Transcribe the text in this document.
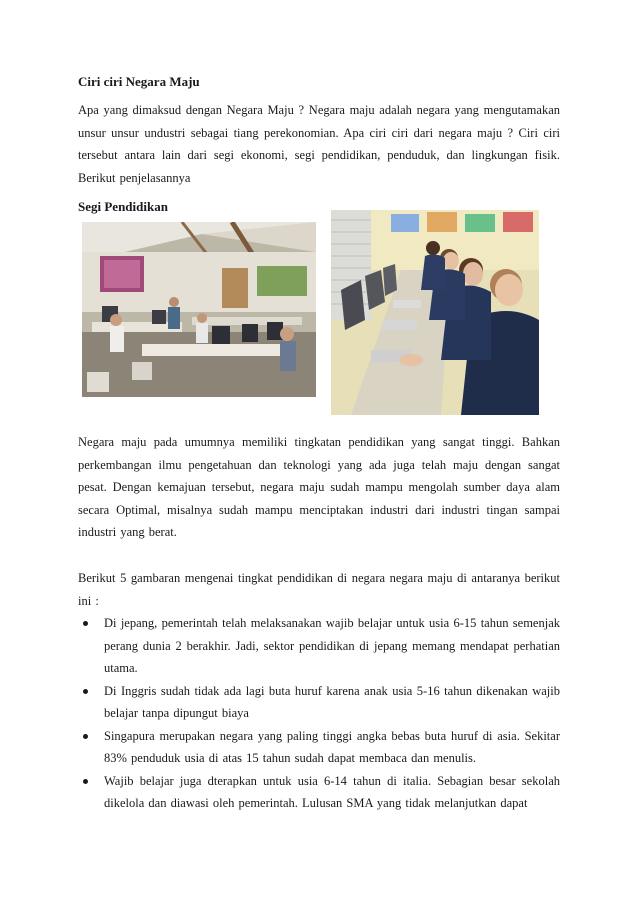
Ciri ciri Negara Maju

Apa yang dimaksud dengan Negara Maju ? Negara maju adalah negara yang mengutamakan unsur unsur undustri sebagai tiang perekonomian. Apa ciri ciri dari negara maju ? Ciri ciri tersebut antara lain dari segi ekonomi, segi pendidikan, penduduk, dan lingkungan fisik. Berikut penjelasannya

Segi Pendidikan

Negara maju pada umumnya memiliki tingkatan pendidikan yang sangat tinggi. Bahkan perkembangan ilmu pengetahuan dan teknologi yang ada juga telah maju dengan sangat pesat. Dengan kemajuan tersebut, negara maju sudah mampu mengolah sumber daya alam secara Optimal, misalnya sudah mampu menciptakan industri dari industri tingan sampai industri yang berat.

Berikut 5 gambaran mengenai tingkat pendidikan di negara negara maju di antaranya berikut ini :

Di jepang, pemerintah telah melaksanakan wajib belajar untuk usia 6-15 tahun semenjak perang dunia 2 berakhir. Jadi, sektor pendidikan di jepang memang mendapat perhatian utama.
Di Inggris sudah tidak ada lagi buta huruf karena anak usia 5-16 tahun dikenakan wajib belajar tanpa dipungut biaya
Singapura merupakan negara yang paling tinggi angka bebas buta huruf di asia. Sekitar 83% penduduk usia di atas 15 tahun sudah dapat membaca dan menulis.
Wajib belajar juga dterapkan untuk usia 6-14 tahun di italia. Sebagian besar sekolah dikelola dan diawasi oleh pemerintah. Lulusan SMA yang tidak melanjutkan dapat
